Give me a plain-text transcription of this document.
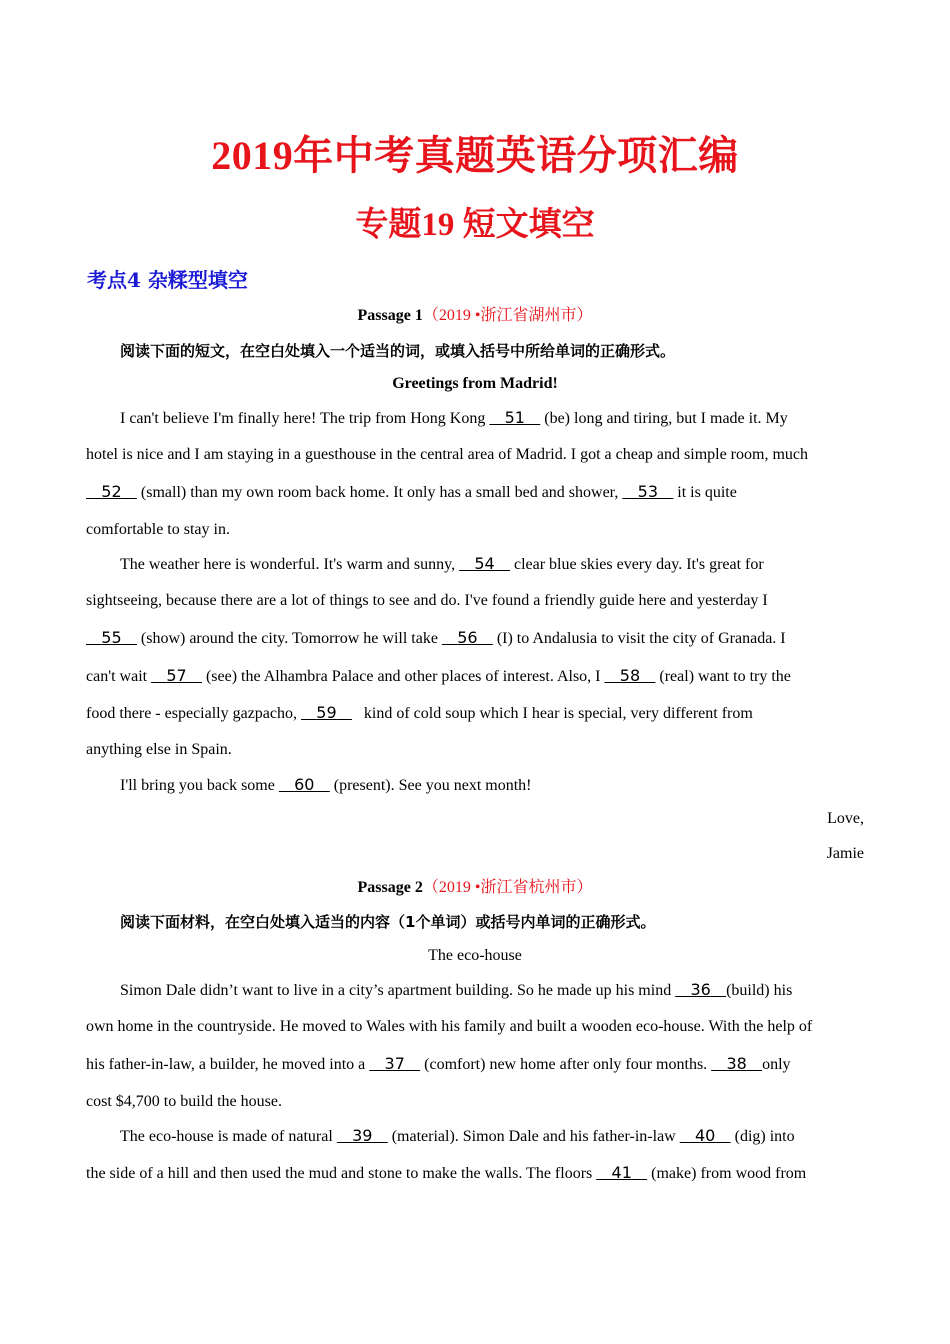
2019年中考真题英语分项汇编
专题19 短文填空
考点4 杂糅型填空
Passage 1（2019 •浙江省湖州市）
阅读下面的短文，在空白处填入一个适当的词，或填入括号中所给单词的正确形式。
Greetings from Madrid!
I can't believe I'm finally here! The trip from Hong Kong 51 (be) long and tiring, but I made it. My
hotel is nice and I am staying in a guesthouse in the central area of Madrid. I got a cheap and simple room, much
52 (small) than my own room back home. It only has a small bed and shower, 53 it is quite
comfortable to stay in.
The weather here is wonderful. It's warm and sunny, 54 clear blue skies every day. It's great for
sightseeing, because there are a lot of things to see and do. I've found a friendly guide here and yesterday I
55 (show) around the city. Tomorrow he will take 56 (I) to Andalusia to visit the city of Granada. I
can't wait 57 (see) the Alhambra Palace and other places of interest. Also, I 58 (real) want to try the
food there - especially gazpacho, 59 kind of cold soup which I hear is special, very different from
anything else in Spain.
I'll bring you back some 60 (present). See you next month!
Love,
Jamie
Passage 2（2019 •浙江省杭州市）
阅读下面材料，在空白处填入适当的内容（1个单词）或括号内单词的正确形式。
The eco-house
Simon Dale didn’t want to live in a city’s apartment building. So he made up his mind 36 (build) his
own home in the countryside. He moved to Wales with his family and built a wooden eco-house. With the help of
his father-in-law, a builder, he moved into a 37 (comfort) new home after only four months. 38 only
cost $4,700 to build the house.
The eco-house is made of natural 39 (material). Simon Dale and his father-in-law 40 (dig) into
the side of a hill and then used the mud and stone to make the walls. The floors 41 (make) from wood from
